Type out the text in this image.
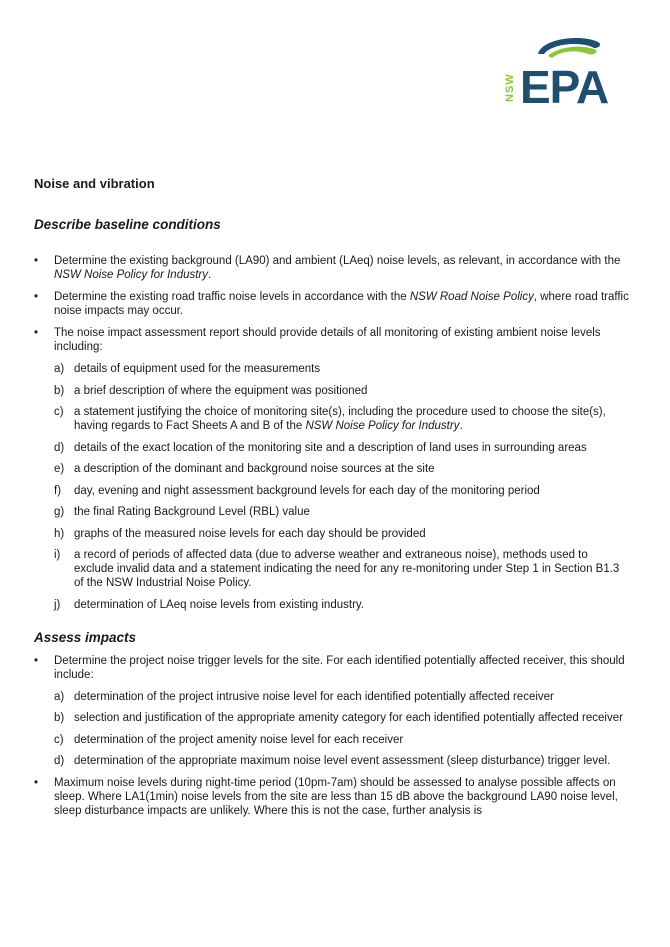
NSW EPA
Noise and vibration
Describe baseline conditions
• Determine the existing background (LA90) and ambient (LAeq) noise levels, as relevant, in accordance with the NSW Noise Policy for Industry.
• Determine the existing road traffic noise levels in accordance with the NSW Road Noise Policy, where road traffic noise impacts may occur.
• The noise impact assessment report should provide details of all monitoring of existing ambient noise levels including:
a) details of equipment used for the measurements
b) a brief description of where the equipment was positioned
c) a statement justifying the choice of monitoring site(s), including the procedure used to choose the site(s), having regards to Fact Sheets A and B of the NSW Noise Policy for Industry.
d) details of the exact location of the monitoring site and a description of land uses in surrounding areas
e) a description of the dominant and background noise sources at the site
f) day, evening and night assessment background levels for each day of the monitoring period
g) the final Rating Background Level (RBL) value
h) graphs of the measured noise levels for each day should be provided
i) a record of periods of affected data (due to adverse weather and extraneous noise), methods used to exclude invalid data and a statement indicating the need for any re-monitoring under Step 1 in Section B1.3 of the NSW Industrial Noise Policy.
j) determination of LAeq noise levels from existing industry.
Assess impacts
• Determine the project noise trigger levels for the site. For each identified potentially affected receiver, this should include:
a) determination of the project intrusive noise level for each identified potentially affected receiver
b) selection and justification of the appropriate amenity category for each identified potentially affected receiver
c) determination of the project amenity noise level for each receiver
d) determination of the appropriate maximum noise level event assessment (sleep disturbance) trigger level.
• Maximum noise levels during night-time period (10pm-7am) should be assessed to analyse possible affects on sleep. Where LA1(1min) noise levels from the site are less than 15 dB above the background LA90 noise level, sleep disturbance impacts are unlikely. Where this is not the case, further analysis is
